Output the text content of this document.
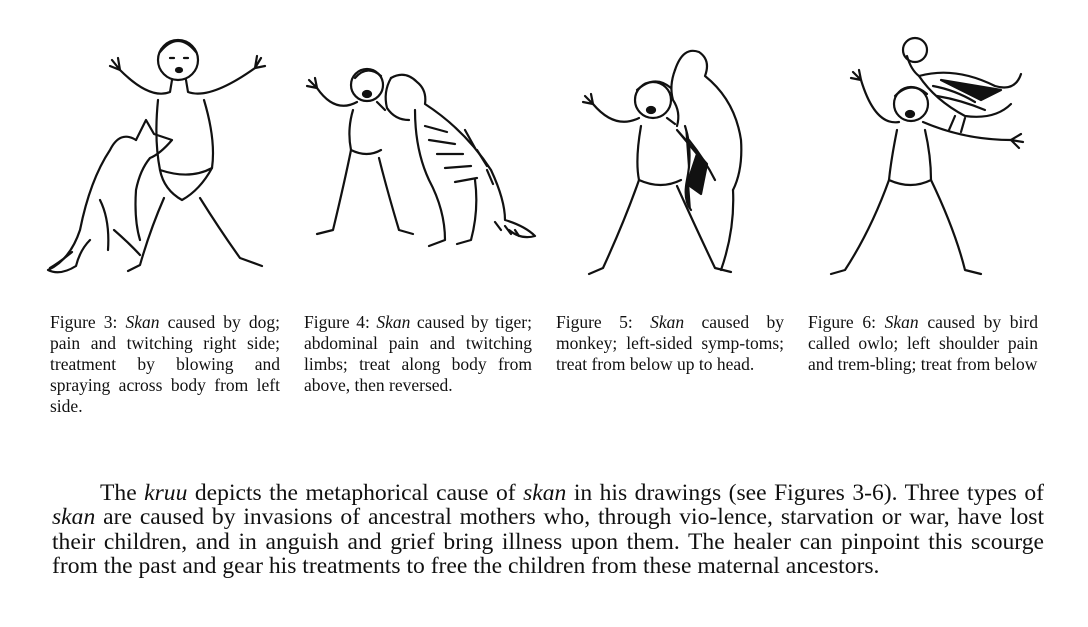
Figure 3: Skɑn caused by dog; pain and twitching right side; treatment by blowing and spraying across body from left side.
Figure 4: Skɑn caused by tiger; abdominal pain and twitching limbs; treat along body from above, then reversed.
Figure 5: Skɑn caused by monkey; left-sided symp-toms; treat from below up to head.
Figure 6: Skɑn caused by bird called owlo; left shoulder pain and trem-bling; treat from below

The kruu depicts the metaphorical cause of skɑn in his drawings (see Figures 3-6). Three types of skɑn are caused by invasions of ancestral mothers who, through vio-lence, starvation or war, have lost their children, and in anguish and grief bring illness upon them. The healer can pinpoint this scourge from the past and gear his treatments to free the children from these maternal ancestors.
